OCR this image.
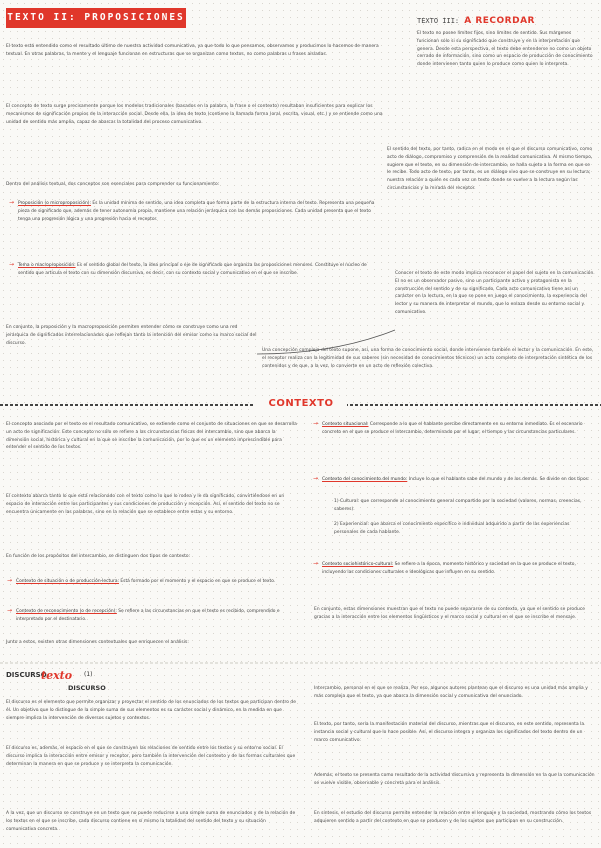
TEXTO II: PROPOSICIONES

El texto está entendido como el resultado último de nuestra actividad comunicativa, ya que todo lo que pensamos, observamos y producimos lo hacemos de manera textual. En otras palabras, la mente y el lenguaje funcionan en estructuras que se organizan como textos, no como palabras u frases aisladas.

El concepto de texto surge precisamente porque los modelos tradicionales (basados en la palabra, la frase o el contexto) resultaban insuficientes para explicar los mecanismos de significación propios de la interacción social. Desde ella, la idea de texto (contiene la llamada forma (oral, escrita, visual, etc.) y se entiende como una unidad de sentido más amplia, capaz de abarcar la totalidad del proceso comunicativo.

Dentro del análisis textual, dos conceptos son esenciales para comprender su funcionamiento:

→ Proposición (o microproposición): Es la unidad mínima de sentido, una idea completa que forma parte de la estructura interna del texto. Representa una pequeña pieza de significado que, además de tener autonomía propia, mantiene una relación jerárquica con las demás proposiciones. Cada unidad presenta que el texto tenga una progresión lógica y una progresión hacia el receptor.
→ Tema o macroproposición: Es el sentido global del texto, la idea principal o eje de significado que organiza las proposiciones menores. Constituye el núcleo de sentido que articula el texto con su dimensión discursiva, es decir, con su contexto social y comunicativo en el que se inscribe.

En conjunto, la proposición y la macroproposición permiten entender cómo se construye como una red jerárquica de significados interrelacionados que reflejan tanto la intención del emisor como su marco social del discurso.

TEXTO III: A RECORDAR

El texto no posee límites fijos, sino límites de sentido. Sus márgenes funcionan solo si su significado que construye y en la interpretación que genera. Desde esta perspectiva, el texto debe entenderse no como un objeto cerrado de información, sino como un espacio de producción de conocimiento donde intervienen tanto quien lo produce como quien lo interpreta.

El sentido del texto, por tanto, radica en el modo en el que el discurso comunicativo, como acto de diálogo, compromiso y comprensión de la realidad comunicativa. Al mismo tiempo, sugiere que el texto, en su dimensión de intercambio, se halla sujeto a la forma en que se le recibe. Todo acto de texto, por tanto, es un diálogo vivo que se construye en su lectura; nuestra relación a quién es cada vez un texto donde se vuelve a la lectura según las circunstancias y la mirada del receptor.

Conocer el texto de este modo implica reconocer el papel del sujeto en la comunicación. El no es un observador pasivo, sino un participante activo y protagonista en la construcción del sentido y de su significado. Cada acto comunicativo tiene así un carácter en la lectura, en la que se pone en juego el conocimiento, la experiencia del lector y su manera de interpretar el mundo, que lo enlaza desde su entorno social y comunicativo.

Una concepción compleja del texto supone, así, una forma de conocimiento social, donde intervienen también el lector y la comunicación. En este, el receptor realiza con la legitimidad de sus saberes (sin necesidad de conocimientos técnicos) un acto completo de interpretación sintética de los contenidos y de que, a la vez, lo convierte en un acto de reflexión colectiva.

CONTEXTO

El concepto asociado por el texto es el resultado comunicativo, se extiende como el conjunto de situaciones en que se desarrolla un acto de significación. Este concepto no sólo se refiere a las circunstancias físicas del intercambio, sino que abarca la dimensión social, histórica y cultural en la que se inscribe la comunicación, por lo que es un elemento imprescindible para entender el sentido de los textos.

El contexto abarca tanto lo que está relacionado con el texto como lo que lo rodea y le da significado, convirtiéndose en un espacio de interacción entre los participantes y sus condiciones de producción y recepción. Así, el sentido del texto no se encuentra únicamente en las palabras, sino en la relación que se establece entre estas y su entorno.

En función de los propósitos del intercambio, se distinguen dos tipos de contexto:

→ Contexto de situación o de producción-lectura: Está formado por el momento y el espacio en que se produce el texto.
→ Contexto de reconocimiento (o de recepción): Se refiere a las circunstancias en que el texto es recibido, comprendido e interpretado por el destinatario.

Junto a estos, existen otras dimensiones contextuales que enriquecen el análisis:

→ Contexto situacional: Corresponde a lo que el hablante percibe directamente en su entorno inmediato. Es el escenario concreto en el que se produce el intercambio, determinado por el lugar, el tiempo y las circunstancias particulares.
→ Contexto del conocimiento del mundo: Incluye lo que el hablante sabe del mundo y de los demás. Se divide en dos tipos:

1) Cultural: que corresponde al conocimiento general compartido por la sociedad (valores, normas, creencias, saberes).

2) Experiencial: que abarca el conocimiento específico e individual adquirido a partir de las experiencias personales de cada hablante.

→ Contexto sociohistórico-cultural: Se refiere a la época, momento histórico y sociedad en la que se produce el texto, incluyendo las condiciones culturales e ideológicas que influyen en su sentido.

En conjunto, estas dimensiones muestran que el texto no puede separarse de su contexto, ya que el sentido se produce gracias a la interacción entre los elementos lingüísticos y el marco social y cultural en el que se inscribe el mensaje.

DISCURSO
texto (1)
DISCURSO

El discurso es el elemento que permite organizar y proyectar el sentido de los enunciados de los textos que participan dentro de él. Un objetivo que lo distingue de la simple suma de sus elementos es su carácter social y dinámico, en la medida en que siempre implica la intervención de diversos sujetos y contextos.

El discurso es, además, el espacio en el que se construyen las relaciones de sentido entre los textos y su entorno social. El discurso implica la interacción entre emisor y receptor, pero también la intervención del contexto y de las formas culturales que determinan la manera en que se produce y se interpreta la comunicación.

A la vez, que un discurso se construye en un texto que no puede reducirse a una simple suma de enunciados y de la relación de los textos en el que se inscribe, cada discurso contiene en sí mismo la totalidad del sentido del texto y su situación comunicativa concreta.

Intercambio, personal en el que se realiza. Por eso, algunos autores plantean que el discurso es una unidad más amplia y más compleja que el texto, ya que abarca la dimensión social y comunicativa del enunciado.

El texto, por tanto, sería la manifestación material del discurso, mientras que el discurso, en este sentido, representa la instancia social y cultural que lo hace posible. Así, el discurso integra y organiza los significados del texto dentro de un marco comunicativo.

Además, el texto se presenta como resultado de la actividad discursiva y representa la dimensión en la que la comunicación se vuelve visible, observable y concreta para el análisis.

En síntesis, el estudio del discurso permite entender la relación entre el lenguaje y la sociedad, mostrando cómo los textos adquieren sentido a partir del contexto en que se producen y de los sujetos que participan en su construcción.
